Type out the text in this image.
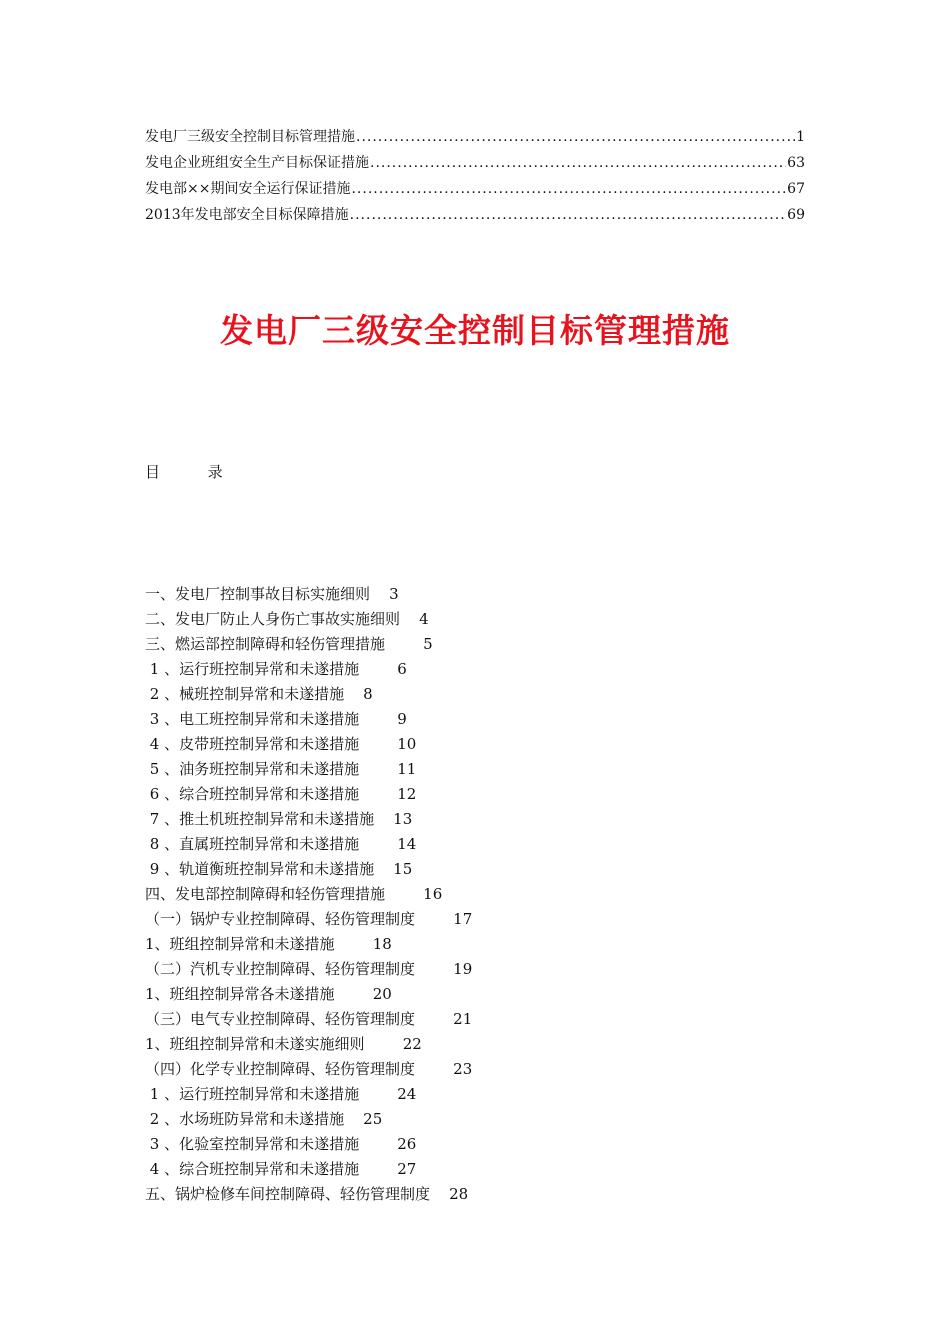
发电厂三级安全控制目标管理措施 .....	1
发电企业班组安全生产目标保证措施 .....	63
发电部××期间安全运行保证措施 .....	67
2013年发电部安全目标保障措施 .....	69
发电厂三级安全控制目标管理措施
目          录
一、发电厂控制事故目标实施细则    3
二、发电厂防止人身伤亡事故实施细则    4
三、燃运部控制障碍和轻伤管理措施        5
1 、运行班控制异常和未遂措施        6
2 、械班控制异常和未遂措施    8
3 、电工班控制异常和未遂措施        9
4 、皮带班控制异常和未遂措施        10
5 、油务班控制异常和未遂措施        11
6 、综合班控制异常和未遂措施        12
7 、推土机班控制异常和未遂措施    13
8 、直属班控制异常和未遂措施        14
9 、轨道衡班控制异常和未遂措施    15
四、发电部控制障碍和轻伤管理措施        16
（一）锅炉专业控制障碍、轻伤管理制度        17
1、班组控制异常和未遂措施        18
（二）汽机专业控制障碍、轻伤管理制度        19
1、班组控制异常各未遂措施        20
（三）电气专业控制障碍、轻伤管理制度        21
1、班组控制异常和未遂实施细则        22
（四）化学专业控制障碍、轻伤管理制度        23
1 、运行班控制异常和未遂措施        24
2 、水场班防异常和未遂措施    25
3 、化验室控制异常和未遂措施        26
4 、综合班控制异常和未遂措施        27
五、锅炉检修车间控制障碍、轻伤管理制度    28
